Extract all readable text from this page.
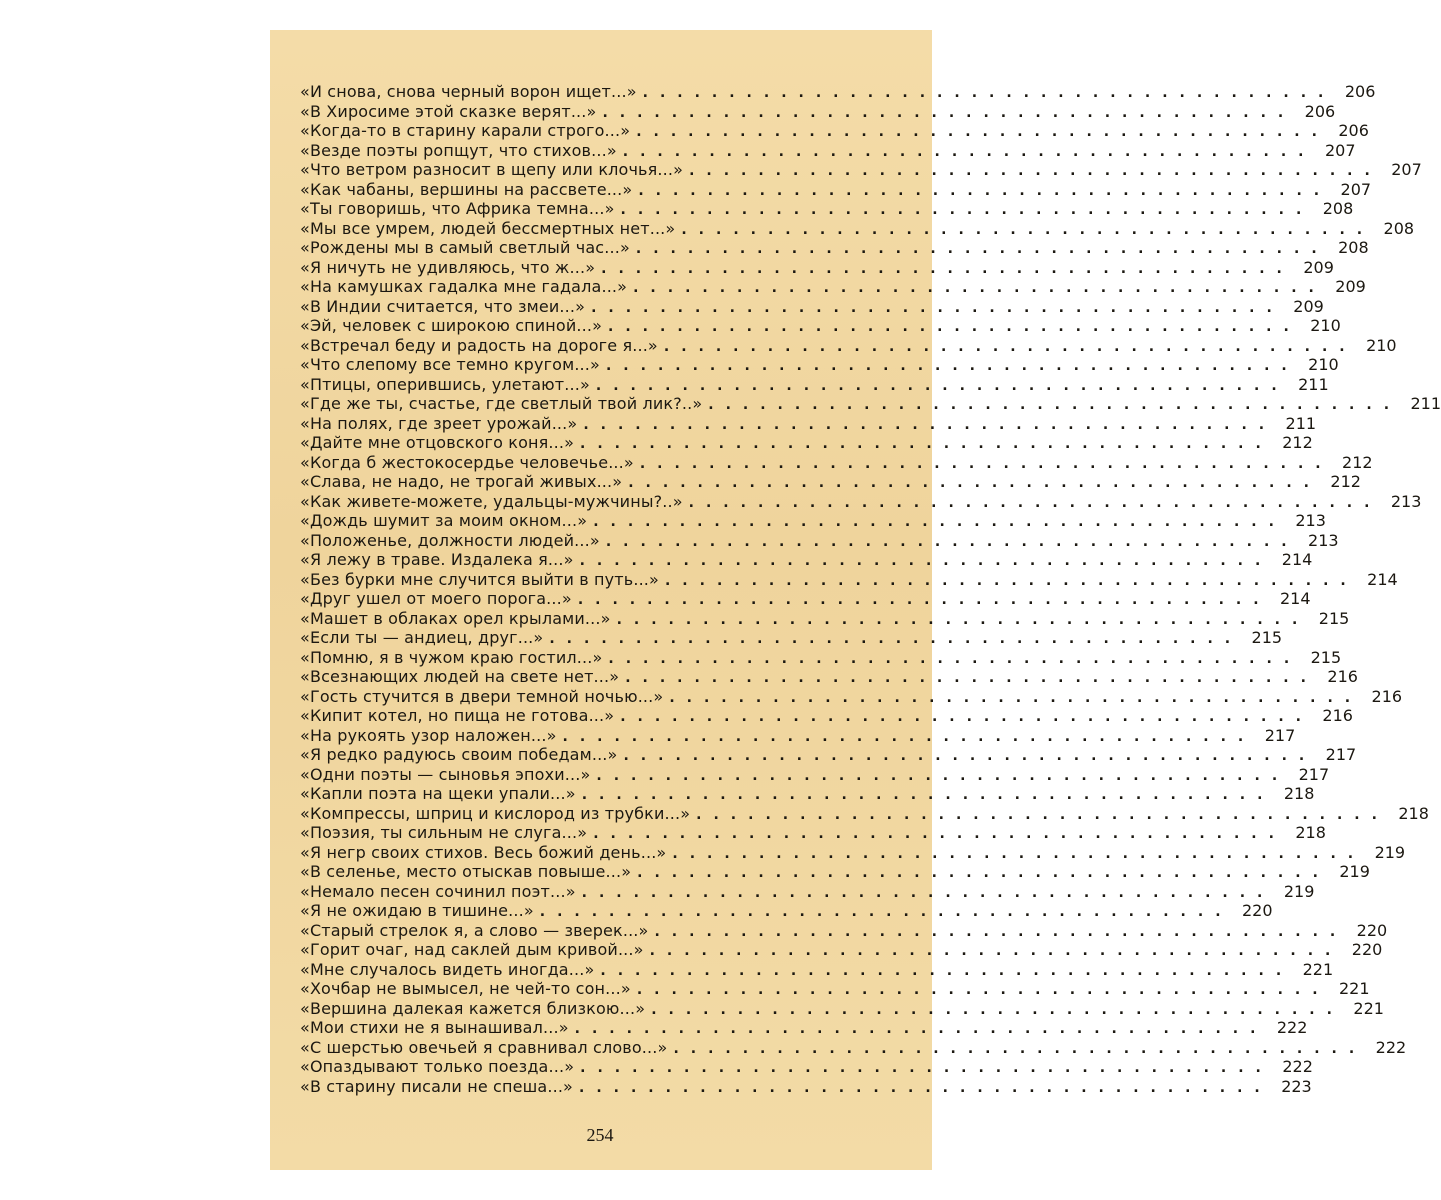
«И снова, снова черный ворон ищет...» ........................................ 206
«В Хиросиме этой сказке верят...» ........................................ 206
«Когда-то в старину карали строго...» ........................................ 206
«Везде поэты ропщут, что стихов...» ........................................ 207
«Что ветром разносит в щепу или клочья...» ........................................ 207
«Как чабаны, вершины на рассвете...» ........................................ 207
«Ты говоришь, что Африка темна...» ........................................ 208
«Мы все умрем, людей бессмертных нет...» ........................................ 208
«Рождены мы в самый светлый час...» ........................................ 208
«Я ничуть не удивляюсь, что ж...» ........................................ 209
«На камушках гадалка мне гадала...» ........................................ 209
«В Индии считается, что змеи...» ........................................ 209
«Эй, человек с широкою спиной...» ........................................ 210
«Встречал беду и радость на дороге я...» ........................................ 210
«Что слепому все темно кругом...» ........................................ 210
«Птицы, оперившись, улетают...» ........................................ 211
«Где же ты, счастье, где светлый твой лик?..» ........................................ 211
«На полях, где зреет урожай...» ........................................ 211
«Дайте мне отцовского коня...» ........................................ 212
«Когда б жестокосердье человечье...» ........................................ 212
«Слава, не надо, не трогай живых...» ........................................ 212
«Как живете-можете, удальцы-мужчины?..» ........................................ 213
«Дождь шумит за моим окном...» ........................................ 213
«Положенье, должности людей...» ........................................ 213
«Я лежу в траве. Издалека я...» ........................................ 214
«Без бурки мне случится выйти в путь...» ........................................ 214
«Друг ушел от моего порога...» ........................................ 214
«Машет в облаках орел крылами...» ........................................ 215
«Если ты — андиец, друг...» ........................................ 215
«Помню, я в чужом краю гостил...» ........................................ 215
«Всезнающих людей на свете нет...» ........................................ 216
«Гость стучится в двери темной ночью...» ........................................ 216
«Кипит котел, но пища не готова...» ........................................ 216
«На рукоять узор наложен...» ........................................ 217
«Я редко радуюсь своим победам...» ........................................ 217
«Одни поэты — сыновья эпохи...» ........................................ 217
«Капли поэта на щеки упали...» ........................................ 218
«Компрессы, шприц и кислород из трубки...» ........................................ 218
«Поэзия, ты сильным не слуга...» ........................................ 218
«Я негр своих стихов. Весь божий день...» ........................................ 219
«В селенье, место отыскав повыше...» ........................................ 219
«Немало песен сочинил поэт...» ........................................ 219
«Я не ожидаю в тишине...» ........................................ 220
«Старый стрелок я, а слово — зверек...» ........................................ 220
«Горит очаг, над саклей дым кривой...» ........................................ 220
«Мне случалось видеть иногда...» ........................................ 221
«Хочбар не вымысел, не чей-то сон...» ........................................ 221
«Вершина далекая кажется близкою...» ........................................ 221
«Мои стихи не я вынашивал...» ........................................ 222
«С шерстью овечьей я сравнивал слово...» ........................................ 222
«Опаздывают только поезда...» ........................................ 222
«В старину писали не спеша...» ........................................ 223
254
